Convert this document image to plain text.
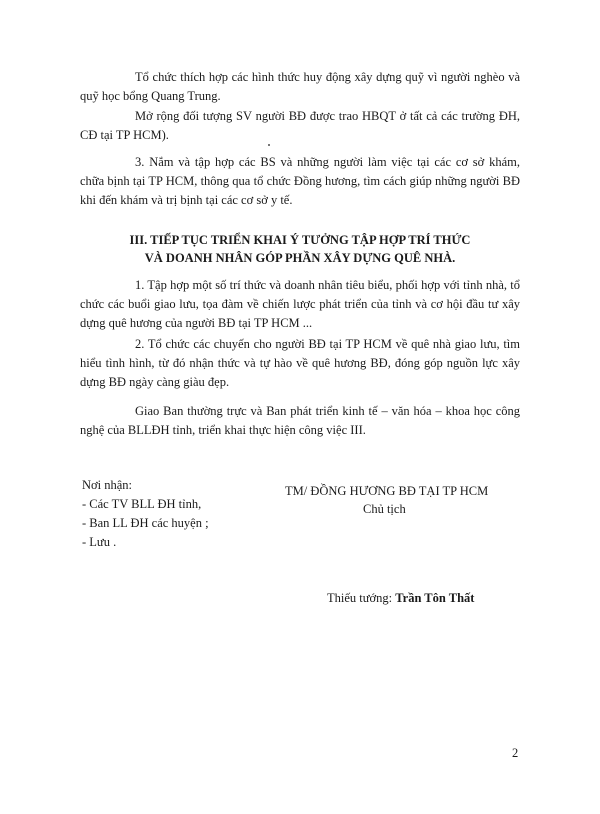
Tổ chức thích hợp các hình thức huy động xây dựng quỹ vì người nghèo và quỹ học bổng Quang Trung.
Mở rộng đối tượng SV người BĐ được trao HBQT ở tất cả các trường ĐH, CĐ tại TP HCM).
3. Nắm và tập hợp các BS và những người làm việc tại các cơ sở khám, chữa bịnh tại TP HCM, thông qua tổ chức Đồng hương, tìm cách giúp những người BĐ khi đến khám và trị bịnh tại các cơ sở y tế.
III. TIẾP TỤC TRIỂN KHAI Ý TƯỞNG TẬP HỢP TRÍ THỨC
VÀ DOANH NHÂN GÓP PHẦN XÂY DỰNG QUÊ NHÀ.
1. Tập hợp một số trí thức và doanh nhân tiêu biểu, phối hợp với tỉnh nhà, tổ chức các buổi giao lưu, tọa đàm về chiến lược phát triển của tỉnh và cơ hội đầu tư xây dựng quê hương của người BĐ tại TP HCM ...
2. Tổ chức các chuyến cho người BĐ tại TP HCM về quê nhà giao lưu, tìm hiểu tình hình, từ đó nhận thức và tự hào về quê hương BĐ, đóng góp nguồn lực xây dựng BĐ ngày càng giàu đẹp.
Giao Ban thường trực và Ban phát triển kinh tế – văn hóa – khoa học công nghệ của BLLĐH tỉnh, triển khai thực hiện công việc III.
Nơi nhận:
- Các TV BLL ĐH tỉnh,
- Ban LL ĐH các huyện ;
- Lưu .
TM/ ĐỒNG HƯƠNG BĐ TẠI TP HCM
Chủ tịch
Thiếu tướng: Trần Tôn Thất
2
